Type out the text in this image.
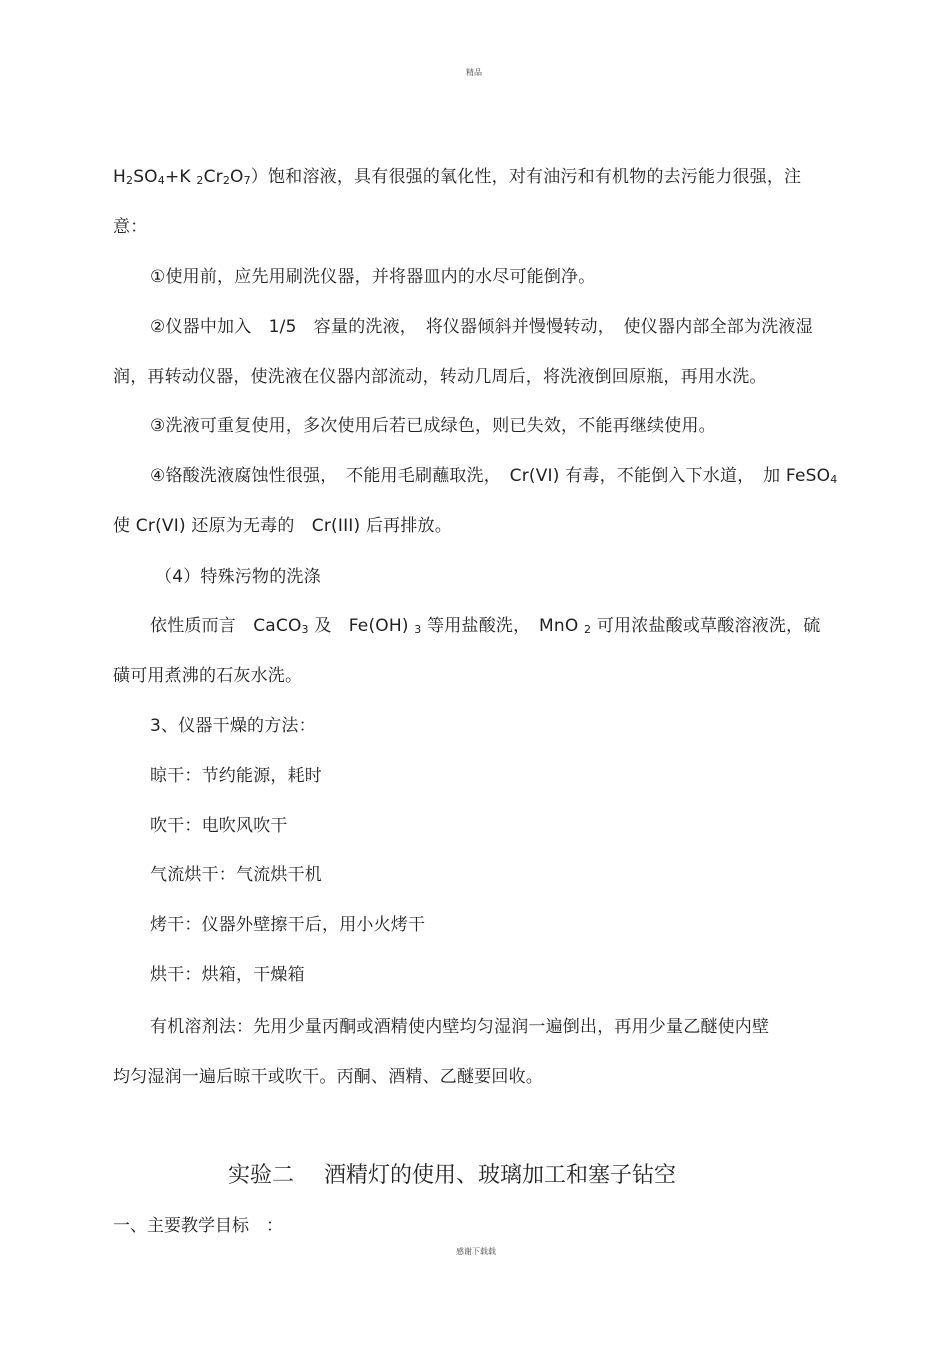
精品
$H_2SO_4+K$ $_2Cr_2O_7$）饱和溶液，具有很强的氧化性，对有油污和有机物的去污能力很强，注
意：
①使用前，应先用刷洗仪器，并将器皿内的水尽可能倒净。
②仪器中加入　1/5　容量的洗液，　将仪器倾斜并慢慢转动，　使仪器内部全部为洗液湿
润，再转动仪器，使洗液在仪器内部流动，转动几周后，将洗液倒回原瓶，再用水洗。
③洗液可重复使用，多次使用后若已成绿色，则已失效，不能再继续使用。
④铬酸洗液腐蚀性很强，　不能用毛刷蘸取洗，　Cr(VI) 有毒，不能倒入下水道，　加 FeSO$_4$
使 Cr(VI) 还原为无毒的　Cr(III) 后再排放。
（4）特殊污物的洗涤
依性质而言　CaCO$_3$ 及　Fe(OH) $_3$ 等用盐酸洗，　MnO $_2$ 可用浓盐酸或草酸溶液洗，硫
磺可用煮沸的石灰水洗。
3、仪器干燥的方法：
晾干：节约能源，耗时
吹干：电吹风吹干
气流烘干：气流烘干机
烤干：仪器外壁擦干后，用小火烤干
烘干：烘箱，干燥箱
有机溶剂法：先用少量丙酮或酒精使内壁均匀湿润一遍倒出，再用少量乙醚使内壁
均匀湿润一遍后晾干或吹干。丙酮、酒精、乙醚要回收。
实验二 酒精灯的使用、玻璃加工和塞子钻空
一、主要教学目标　：
感谢下载载
